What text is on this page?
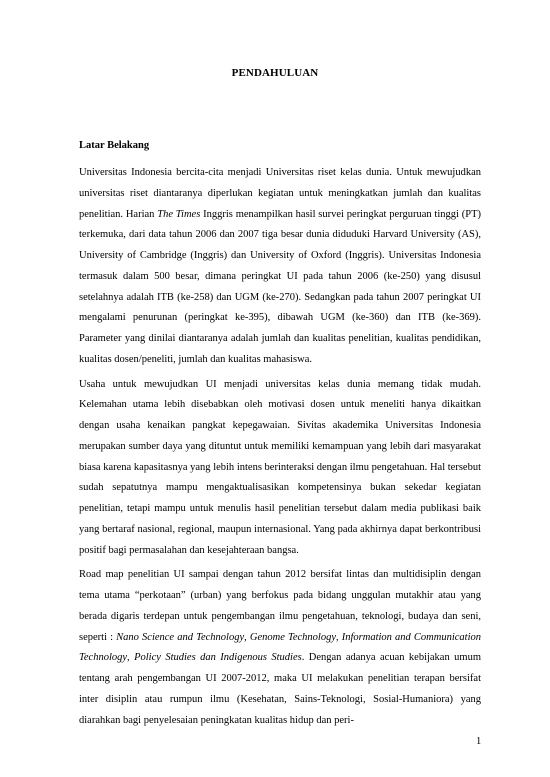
PENDAHULUAN
Latar Belakang

Universitas Indonesia bercita-cita menjadi Universitas riset kelas dunia. Untuk mewujudkan universitas riset diantaranya diperlukan kegiatan untuk meningkatkan jumlah dan kualitas penelitian. Harian The Times Inggris menampilkan hasil survei peringkat perguruan tinggi (PT) terkemuka, dari data tahun 2006 dan 2007 tiga besar dunia diduduki Harvard University (AS), University of Cambridge (Inggris) dan University of Oxford (Inggris). Universitas Indonesia termasuk dalam 500 besar, dimana peringkat UI pada tahun 2006 (ke-250) yang disusul setelahnya adalah ITB (ke-258) dan UGM (ke-270). Sedangkan pada tahun 2007 peringkat UI mengalami penurunan (peringkat ke-395), dibawah UGM (ke-360) dan ITB (ke-369). Parameter yang dinilai diantaranya adalah jumlah dan kualitas penelitian, kualitas pendidikan, kualitas dosen/peneliti, jumlah dan kualitas mahasiswa.

Usaha untuk mewujudkan UI menjadi universitas kelas dunia memang tidak mudah. Kelemahan utama lebih disebabkan oleh motivasi dosen untuk meneliti hanya dikaitkan dengan usaha kenaikan pangkat kepegawaian. Sivitas akademika Universitas Indonesia merupakan sumber daya yang dituntut untuk memiliki kemampuan yang lebih dari masyarakat biasa karena kapasitasnya yang lebih intens berinteraksi dengan ilmu pengetahuan. Hal tersebut sudah sepatutnya mampu mengaktualisasikan kompetensinya bukan sekedar kegiatan penelitian, tetapi mampu untuk menulis hasil penelitian tersebut dalam media publikasi baik yang bertaraf nasional, regional, maupun internasional. Yang pada akhirnya dapat berkontribusi positif bagi permasalahan dan kesejahteraan bangsa.

Road map penelitian UI sampai dengan tahun 2012 bersifat lintas dan multidisiplin dengan tema utama “perkotaan” (urban) yang berfokus pada bidang unggulan mutakhir atau yang berada digaris terdepan untuk pengembangan ilmu pengetahuan, teknologi, budaya dan seni, seperti : Nano Science and Technology, Genome Technology, Information and Communication Technology, Policy Studies dan Indigenous Studies. Dengan adanya acuan kebijakan umum tentang arah pengembangan UI 2007-2012, maka UI melakukan penelitian terapan bersifat inter disiplin atau rumpun ilmu (Kesehatan, Sains-Teknologi, Sosial-Humaniora) yang diarahkan bagi penyelesaian peningkatan kualitas hidup dan peri-

1
